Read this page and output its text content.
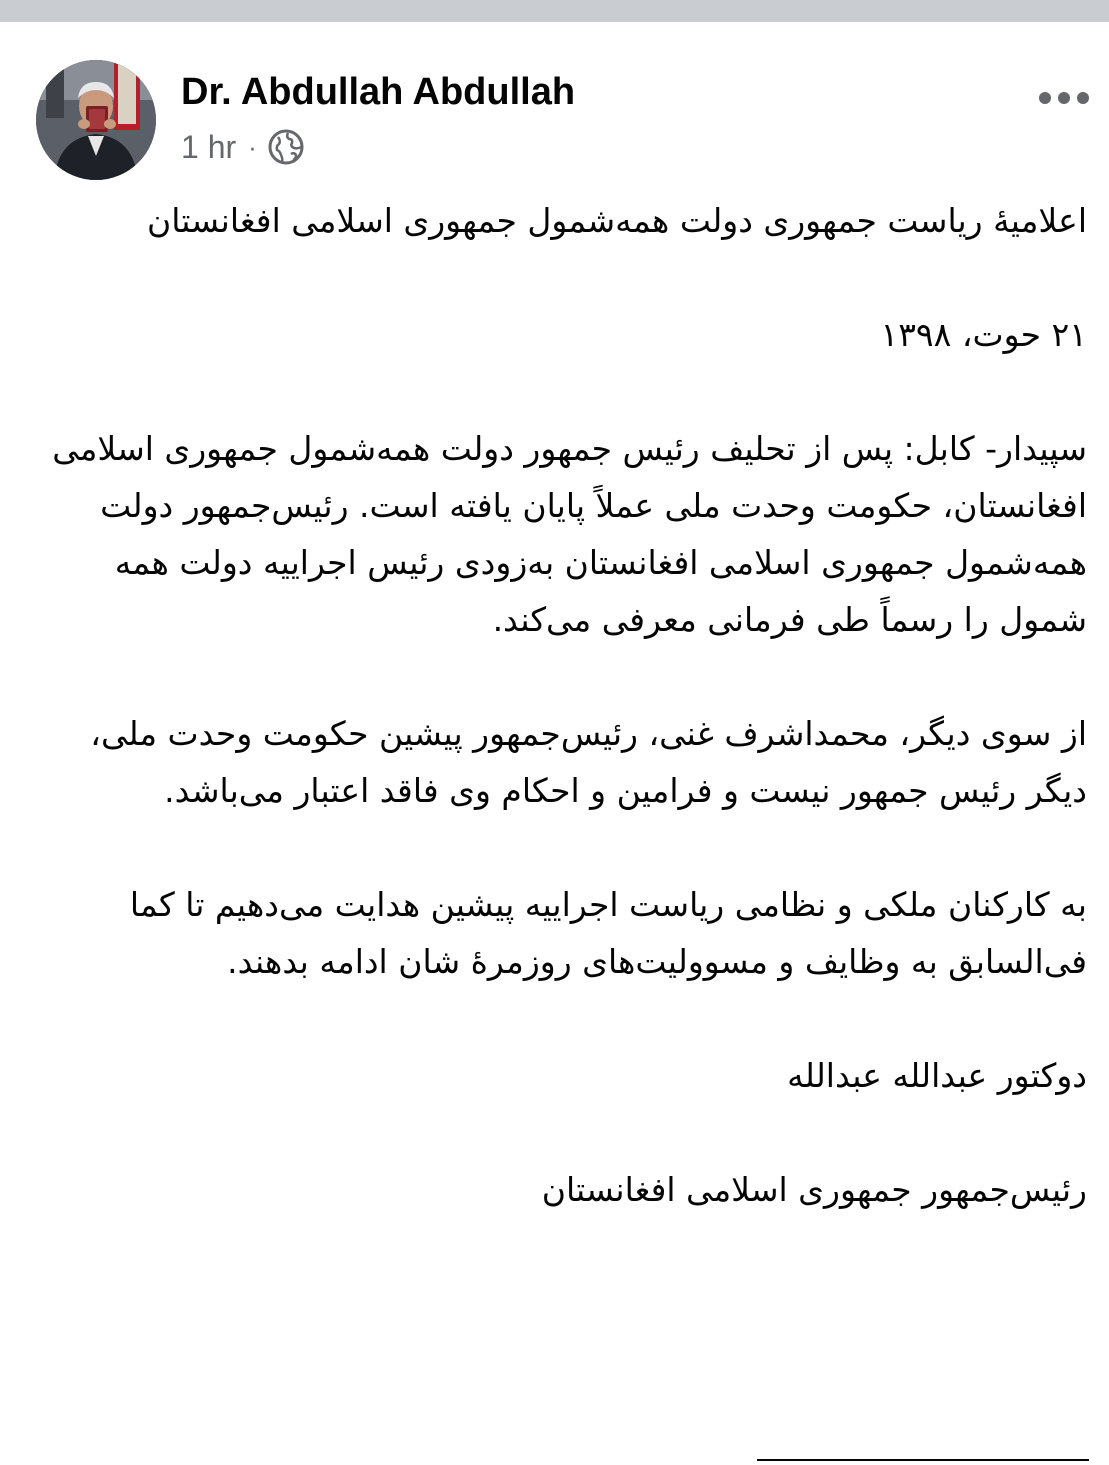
Dr. Abdullah Abdullah
1 hr ·

اعلامیۀ ریاست جمهوری دولت همه‌شمول جمهوری اسلامی افغانستان

۲۱ حوت، ۱۳۹۸

سپیدار- کابل: پس از تحلیف رئیس جمهور دولت همه‌شمول جمهوری اسلامی افغانستان، حکومت وحدت ملی عملاً پایان یافته است. رئیس‌جمهور دولت همه‌شمول جمهوری اسلامی افغانستان به‌زودی رئیس اجراییه دولت همه شمول را رسماً طی فرمانی معرفی می‌کند.

از سوی دیگر، محمداشرف غنی، رئیس‌جمهور پیشین حکومت وحدت ملی، دیگر رئیس جمهور نیست و فرامین و احکام وی فاقد اعتبار می‌باشد.

به کارکنان ملکی و نظامی ریاست اجراییه پیشین هدایت می‌دهیم تا کما فی‌السابق به وظایف و مسوولیت‌های روزمرۀ شان ادامه بدهند.

دوکتور عبدالله عبدالله

رئیس‌جمهور جمهوری اسلامی افغانستان
